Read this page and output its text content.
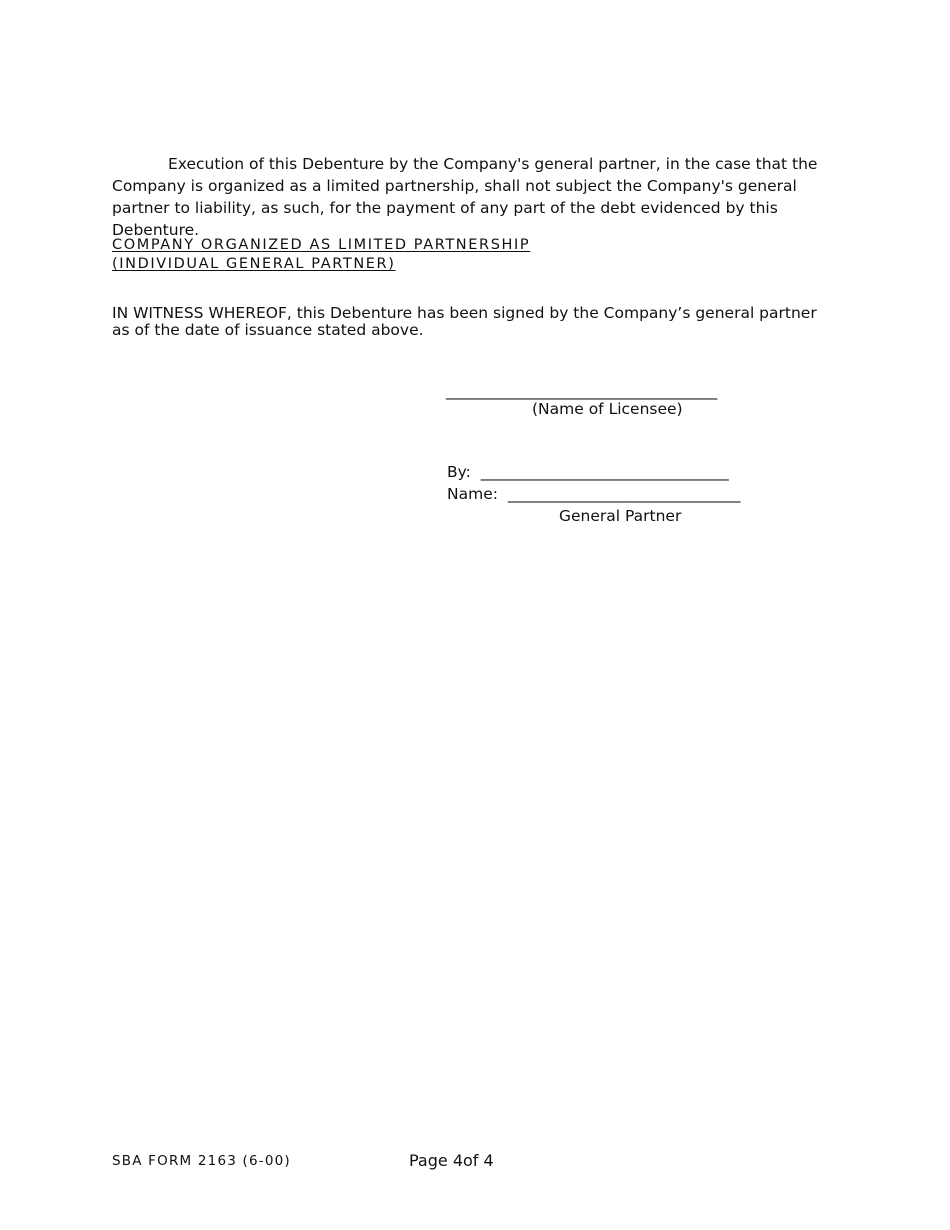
Execution of this Debenture by the Company's general partner, in the case that the Company is organized as a limited partnership, shall not subject the Company's general partner to liability, as such, for the payment of any part of the debt evidenced by this Debenture.

COMPANY ORGANIZED AS LIMITED PARTNERSHIP
(INDIVIDUAL GENERAL PARTNER)

IN WITNESS WHEREOF, this Debenture has been signed by the Company’s general partner as of the date of issuance stated above.

___________________________________
(Name of Licensee)
By: ________________________________
Name: ______________________________
General Partner
SBA FORM 2163 (6-00)	Page 4of 4
